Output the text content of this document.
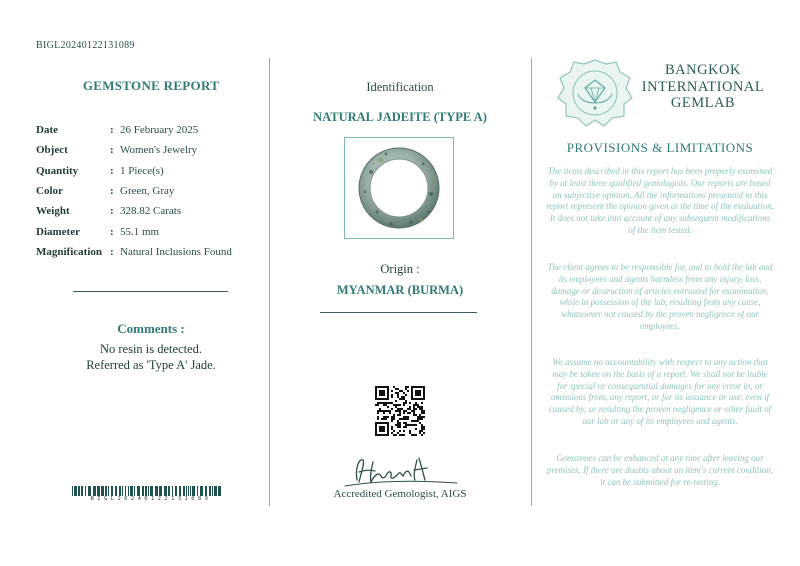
BIGL20240122131089
GEMSTONE REPORT
Date	: 26 February 2025
Object	: Women's Jewelry
Quantity	: 1 Piece(s)
Color	: Green, Gray
Weight	: 328.82 Carats
Diameter	: 55.1 mm
Magnification : Natural Inclusions Found
Comments :
No resin is detected.
Referred as 'Type A' Jade.
BIGL20240122131089
Identification
NATURAL JADEITE (TYPE A)
Origin :
MYANMAR (BURMA)
Accredited Gemologist, AIGS
BANGKOK
INTERNATIONAL
GEMLAB
PROVISIONS & LIMITATIONS
The items described in this report has been properly examined by at least three qualified gemologists. Our reports are based on subjective opinion. All the informations presented in this report represent the opinion given at the time of the evaluation. It does not take into account of any subsequent modifications of the item tested.
The client agrees to be responsible for, and to hold the lab and its employees and agents harmless from any injury, loss, damage or destruction of articles entrusted for examination, while in possession of the lab, resulting from any cause, whatsoever not caused by the proven negligence of our employees.
We assume no accountability with respect to any action that may be taken on the basis of a report. We shall not be liable for special or consequential damages for any error in, or omissions from, any report, or for its issuance or use, even if caused by, or resulting the proven negligence or other fault of our lab or any of its employees and agents.
Gemstones can be enhanced at any time after leaving our premises. If there are doubts about an item's current condition, it can be submitted for re-testing.
